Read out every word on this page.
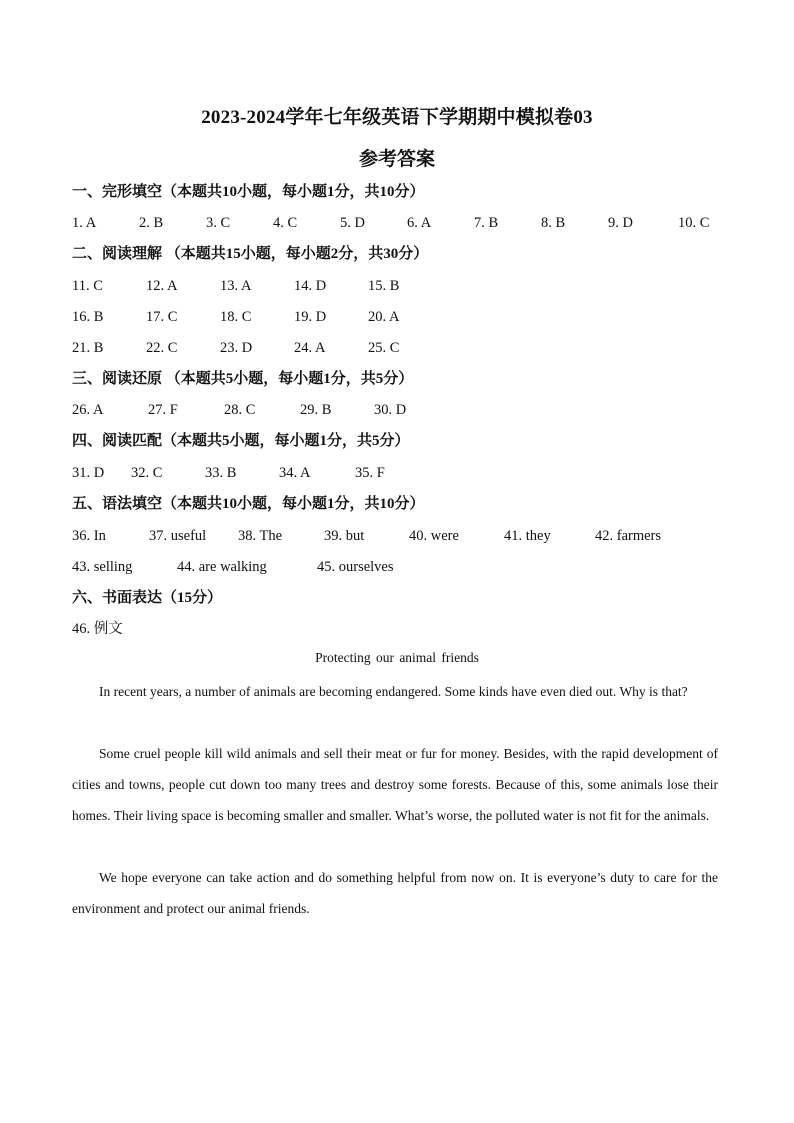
2023-2024学年七年级英语下学期期中模拟卷03
参考答案
一、完形填空（本题共10小题，每小题1分，共10分）
1. A	2. B	3. C	4. C	5. D	6. A	7. B	8. B	9. D	10. C
二、阅读理解 （本题共15小题，每小题2分，共30分）
11. C	12. A	13. A	14. D	15. B
16. B	17. C	18. C	19. D	20. A
21. B	22. C	23. D	24. A	25. C
三、阅读还原 （本题共5小题，每小题1分，共5分）
26. A	27. F	28. C	29. B	30. D
四、阅读匹配（本题共5小题，每小题1分，共5分）
31. D 32. C	33. B	34. A	35. F
五、语法填空（本题共10小题，每小题1分，共10分）
36. In	37. useful 38. The	39. but	40. were	41. they	42. farmers
43. selling	44. are walking	45. ourselves
六、书面表达（15分）
46. 例文
Protecting our animal friends

In recent years, a number of animals are becoming endangered. Some kinds have even died out. Why is that?

Some cruel people kill wild animals and sell their meat or fur for money. Besides, with the rapid development of cities and towns, people cut down too many trees and destroy some forests. Because of this, some animals lose their homes. Their living space is becoming smaller and smaller. What’s worse, the polluted water is not fit for the animals.

We hope everyone can take action and do something helpful from now on. It is everyone’s duty to care for the environment and protect our animal friends.
